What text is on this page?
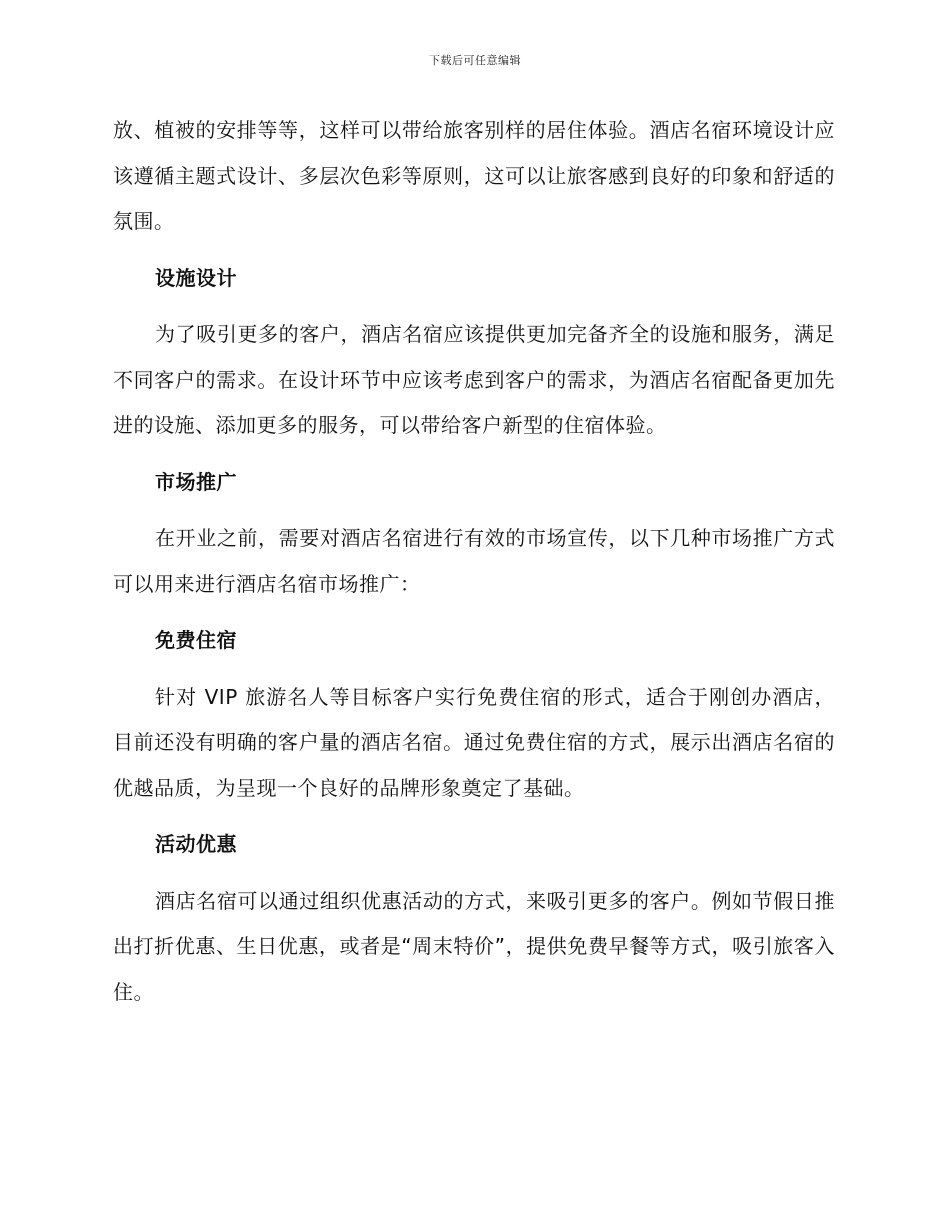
下载后可任意编辑

放、植被的安排等等，这样可以带给旅客别样的居住体验。酒店名宿环境设计应该遵循主题式设计、多层次色彩等原则，这可以让旅客感到良好的印象和舒适的氛围。

设施设计

为了吸引更多的客户，酒店名宿应该提供更加完备齐全的设施和服务，满足不同客户的需求。在设计环节中应该考虑到客户的需求，为酒店名宿配备更加先进的设施、添加更多的服务，可以带给客户新型的住宿体验。

市场推广

在开业之前，需要对酒店名宿进行有效的市场宣传，以下几种市场推广方式可以用来进行酒店名宿市场推广：

免费住宿

针对 VIP 旅游名人等目标客户实行免费住宿的形式，适合于刚创办酒店，目前还没有明确的客户量的酒店名宿。通过免费住宿的方式，展示出酒店名宿的优越品质，为呈现一个良好的品牌形象奠定了基础。

活动优惠

酒店名宿可以通过组织优惠活动的方式，来吸引更多的客户。例如节假日推出打折优惠、生日优惠，或者是“周末特价”，提供免费早餐等方式，吸引旅客入住。
